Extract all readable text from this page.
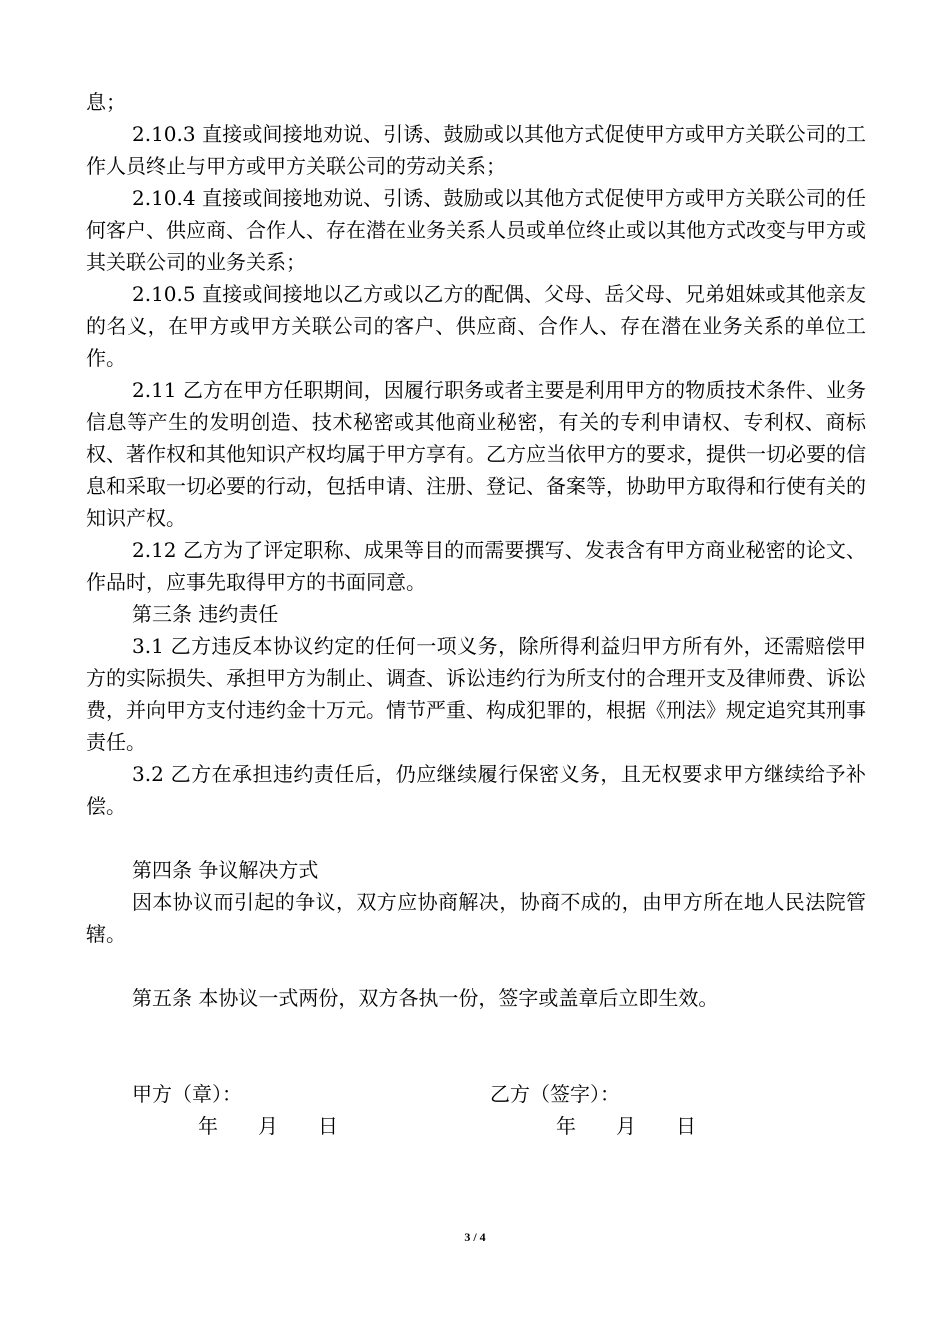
息；

2.10.3 直接或间接地劝说、引诱、鼓励或以其他方式促使甲方或甲方关联公司的工作人员终止与甲方或甲方关联公司的劳动关系；

2.10.4 直接或间接地劝说、引诱、鼓励或以其他方式促使甲方或甲方关联公司的任何客户、供应商、合作人、存在潜在业务关系人员或单位终止或以其他方式改变与甲方或其关联公司的业务关系；

2.10.5 直接或间接地以乙方或以乙方的配偶、父母、岳父母、兄弟姐妹或其他亲友的名义，在甲方或甲方关联公司的客户、供应商、合作人、存在潜在业务关系的单位工作。

2.11 乙方在甲方任职期间，因履行职务或者主要是利用甲方的物质技术条件、业务信息等产生的发明创造、技术秘密或其他商业秘密，有关的专利申请权、专利权、商标权、著作权和其他知识产权均属于甲方享有。乙方应当依甲方的要求，提供一切必要的信息和采取一切必要的行动，包括申请、注册、登记、备案等，协助甲方取得和行使有关的知识产权。

2.12 乙方为了评定职称、成果等目的而需要撰写、发表含有甲方商业秘密的论文、作品时，应事先取得甲方的书面同意。

第三条 违约责任

3.1 乙方违反本协议约定的任何一项义务，除所得利益归甲方所有外，还需赔偿甲方的实际损失、承担甲方为制止、调查、诉讼违约行为所支付的合理开支及律师费、诉讼费，并向甲方支付违约金十万元。情节严重、构成犯罪的，根据《刑法》规定追究其刑事责任。

3.2 乙方在承担违约责任后，仍应继续履行保密义务，且无权要求甲方继续给予补偿。

第四条 争议解决方式

因本协议而引起的争议，双方应协商解决，协商不成的，由甲方所在地人民法院管辖。

第五条 本协议一式两份，双方各执一份，签字或盖章后立即生效。

甲方（章）：	乙方（签字）：
年　　月　　日	年　　月　　日
3 / 4
